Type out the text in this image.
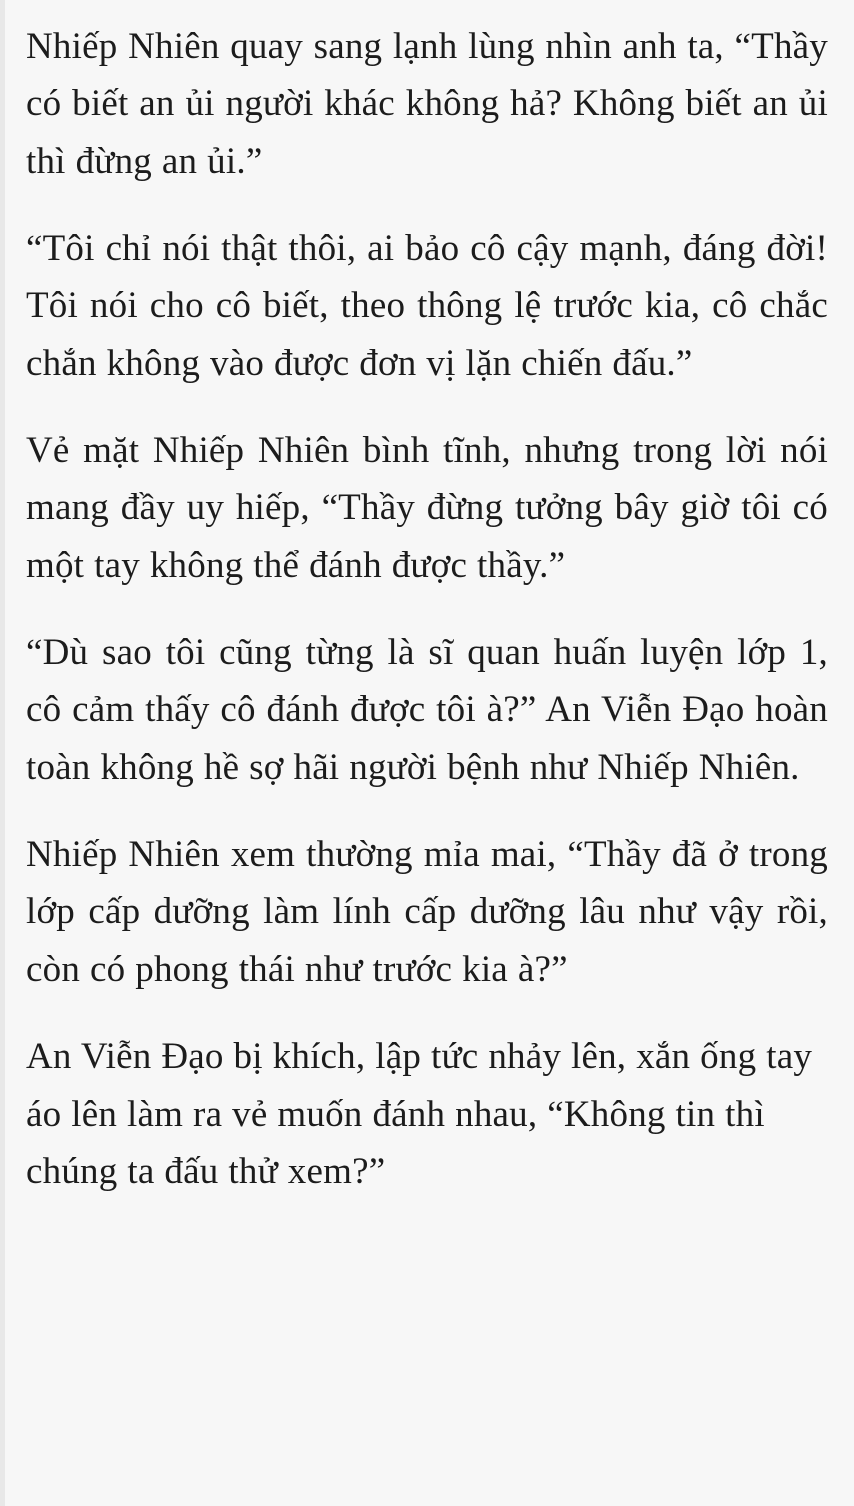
Nhiếp Nhiên quay sang lạnh lùng nhìn anh ta, “Thầy có biết an ủi người khác không hả? Không biết an ủi thì đừng an ủi.”

“Tôi chỉ nói thật thôi, ai bảo cô cậy mạnh, đáng đời! Tôi nói cho cô biết, theo thông lệ trước kia, cô chắc chắn không vào được đơn vị lặn chiến đấu.”

Vẻ mặt Nhiếp Nhiên bình tĩnh, nhưng trong lời nói mang đầy uy hiếp, “Thầy đừng tưởng bây giờ tôi có một tay không thể đánh được thầy.”

“Dù sao tôi cũng từng là sĩ quan huấn luyện lớp 1, cô cảm thấy cô đánh được tôi à?” An Viễn Đạo hoàn toàn không hề sợ hãi người bệnh như Nhiếp Nhiên.

Nhiếp Nhiên xem thường mỉa mai, “Thầy đã ở trong lớp cấp dưỡng làm lính cấp dưỡng lâu như vậy rồi, còn có phong thái như trước kia à?”

An Viễn Đạo bị khích, lập tức nhảy lên, xắn ống tay áo lên làm ra vẻ muốn đánh nhau, “Không tin thì chúng ta đấu thử xem?”
